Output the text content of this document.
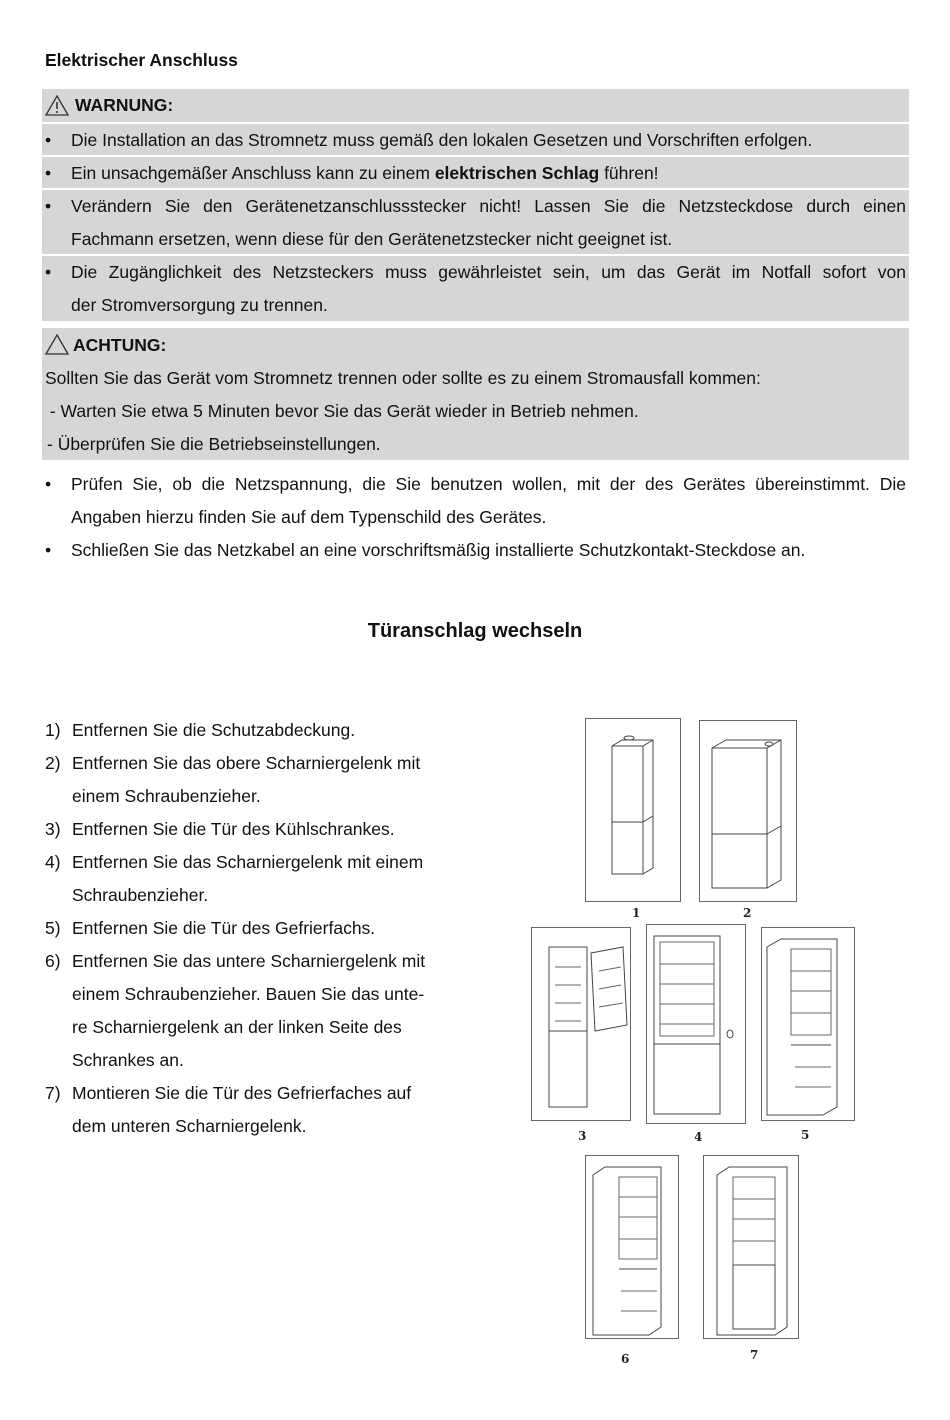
Elektrischer Anschluss
WARNUNG:
• Die Installation an das Stromnetz muss gemäß den lokalen Gesetzen und Vorschriften erfolgen.
• Ein unsachgemäßer Anschluss kann zu einem elektrischen Schlag führen!
• Verändern Sie den Gerätenetzanschlussstecker nicht! Lassen Sie die Netzsteckdose durch einen
Fachmann ersetzen, wenn diese für den Gerätenetzstecker nicht geeignet ist.
• Die Zugänglichkeit des Netzsteckers muss gewährleistet sein, um das Gerät im Notfall sofort von
der Stromversorgung zu trennen.
ACHTUNG:
Sollten Sie das Gerät vom Stromnetz trennen oder sollte es zu einem Stromausfall kommen:
- Warten Sie etwa 5 Minuten bevor Sie das Gerät wieder in Betrieb nehmen.
- Überprüfen Sie die Betriebseinstellungen.
• Prüfen Sie, ob die Netzspannung, die Sie benutzen wollen, mit der des Gerätes übereinstimmt. Die
Angaben hierzu finden Sie auf dem Typenschild des Gerätes.
• Schließen Sie das Netzkabel an eine vorschriftsmäßig installierte Schutzkontakt-Steckdose an.
Türanschlag wechseln
1) Entfernen Sie die Schutzabdeckung.
2) Entfernen Sie das obere Scharniergelenk mit
einem Schraubenzieher.
3) Entfernen Sie die Tür des Kühlschrankes.
4) Entfernen Sie das Scharniergelenk mit einem
Schraubenzieher.
5) Entfernen Sie die Tür des Gefrierfachs.
6) Entfernen Sie das untere Scharniergelenk mit
einem Schraubenzieher. Bauen Sie das unte-
re Scharniergelenk an der linken Seite des
Schrankes an.
7) Montieren Sie die Tür des Gefrierfaches auf
dem unteren Scharniergelenk.
1	2
3	4	5
6	7
